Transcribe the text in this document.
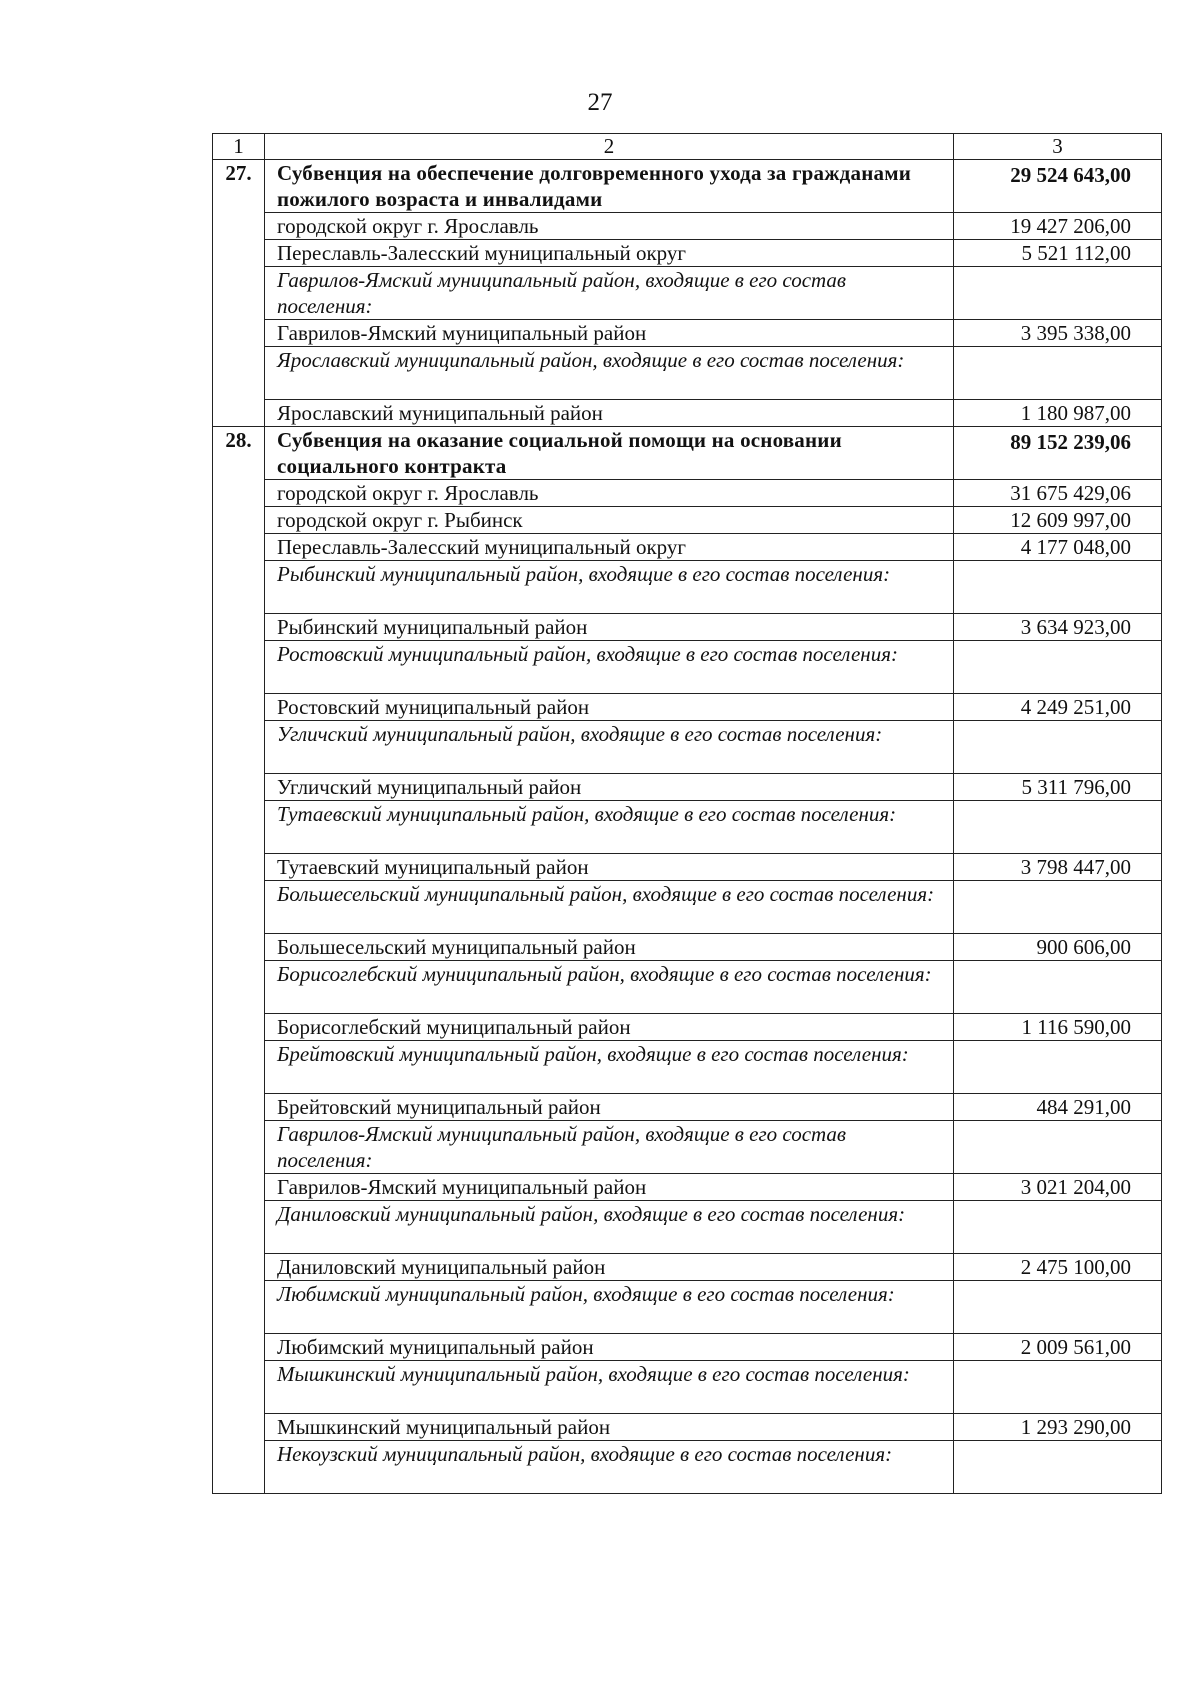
27
1	2	3
27.	Субвенция на обеспечение долговременного ухода за гражданами пожилого возраста и инвалидами	29 524 643,00
	городской округ г. Ярославль	19 427 206,00
	Переславль-Залесский муниципальный округ	5 521 112,00
	Гаврилов-Ямский муниципальный район, входящие в его состав поселения:	
	Гаврилов-Ямский муниципальный район	3 395 338,00
	Ярославский муниципальный район, входящие в его состав поселения:	
	Ярославский муниципальный район	1 180 987,00
28.	Субвенция на оказание социальной помощи на основании социального контракта	89 152 239,06
	городской округ г. Ярославль	31 675 429,06
	городской округ г. Рыбинск	12 609 997,00
	Переславль-Залесский муниципальный округ	4 177 048,00
	Рыбинский муниципальный район, входящие в его состав поселения:	
	Рыбинский муниципальный район	3 634 923,00
	Ростовский муниципальный район, входящие в его состав поселения:	
	Ростовский муниципальный район	4 249 251,00
	Угличский муниципальный район, входящие в его состав поселения:	
	Угличский муниципальный район	5 311 796,00
	Тутаевский муниципальный район, входящие в его состав поселения:	
	Тутаевский муниципальный район	3 798 447,00
	Большесельский муниципальный район, входящие в его состав поселения:	
	Большесельский муниципальный район	900 606,00
	Борисоглебский муниципальный район, входящие в его состав поселения:	
	Борисоглебский муниципальный район	1 116 590,00
	Брейтовский муниципальный район, входящие в его состав поселения:	
	Брейтовский муниципальный район	484 291,00
	Гаврилов-Ямский муниципальный район, входящие в его состав поселения:	
	Гаврилов-Ямский муниципальный район	3 021 204,00
	Даниловский муниципальный район, входящие в его состав поселения:	
	Даниловский муниципальный район	2 475 100,00
	Любимский муниципальный район, входящие в его состав поселения:	
	Любимский муниципальный район	2 009 561,00
	Мышкинский муниципальный район, входящие в его состав поселения:	
	Мышкинский муниципальный район	1 293 290,00
	Некоузский муниципальный район, входящие в его состав поселения:	
